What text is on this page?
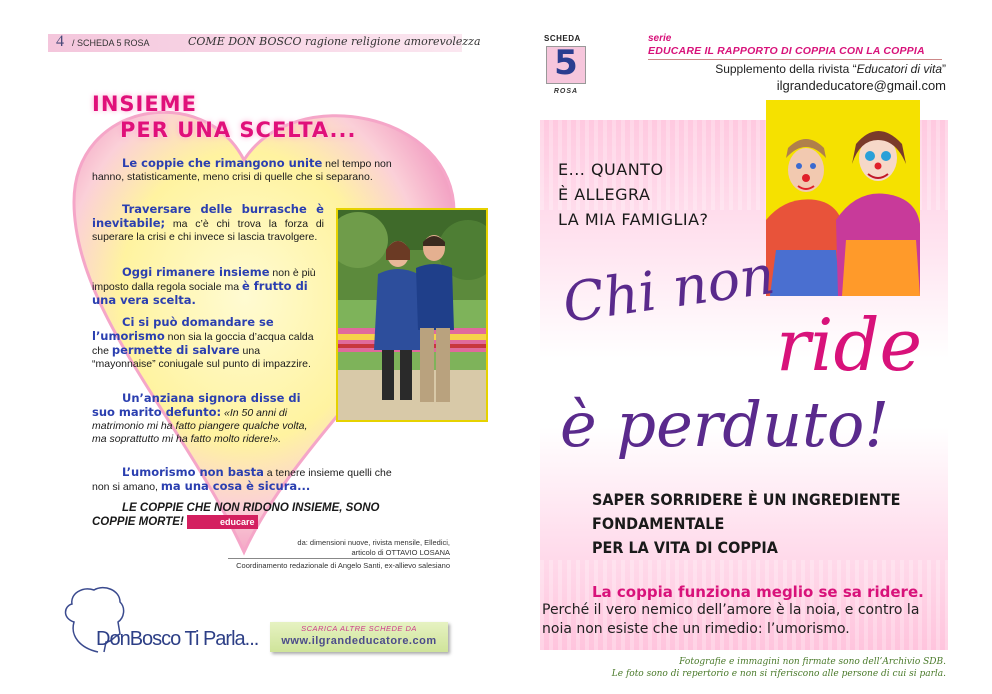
4 / SCHEDA 5 ROSA	COME DON BOSCO ragione religione amorevolezza
INSIEME
PER UNA SCELTA...
Le coppie che rimangono unite nel tempo non hanno, statisticamente, meno crisi di quelle che si separano.
Traversare delle burrasche è inevitabile; ma c’è chi trova la forza di superare la crisi e chi invece si lascia travolgere.
Oggi rimanere insieme non è più imposto dalla regola sociale ma è frutto di una vera scelta.
Ci si può domandare se l’umorismo non sia la goccia d’acqua calda che permette di salvare una “mayonnaise” coniugale sul punto di impazzire.
Un’anziana signora disse di suo marito defunto: «In 50 anni di matrimonio mi ha fatto piangere qualche volta, ma soprattutto mi ha fatto molto ridere!».
L’umorismo non basta a tenere insieme quelli che non si amano, ma una cosa è sicura...
LE COPPIE CHE NON RIDONO INSIEME, SONO COPPIE MORTE!	educare
da: dimensioni nuove, rivista mensile, Elledici,
articolo di OTTAVIO LOSANA
Coordinamento redazionale di Angelo Santi, ex-allievo salesiano
DonBosco Ti Parla...	SCARICA ALTRE SCHEDE DA
www.ilgrandeducatore.com
SCHEDA
5
ROSA
serie
EDUCARE IL RAPPORTO DI COPPIA CON LA COPPIA
Supplemento della rivista “Educatori di vita”
ilgrandeducatore@gmail.com
E... QUANTO
È ALLEGRA
LA MIA FAMIGLIA?
Chi non
ride
è perduto!
SAPER SORRIDERE È UN INGREDIENTE
FONDAMENTALE
PER LA VITA DI COPPIA
La coppia funziona meglio se sa ridere.
Perché il vero nemico dell’amore è la noia, e contro la noia non esiste che un rimedio: l’umorismo.
Fotografie e immagini non firmate sono dell’Archivio SDB.
Le foto sono di repertorio e non si riferiscono alle persone di cui si parla.
